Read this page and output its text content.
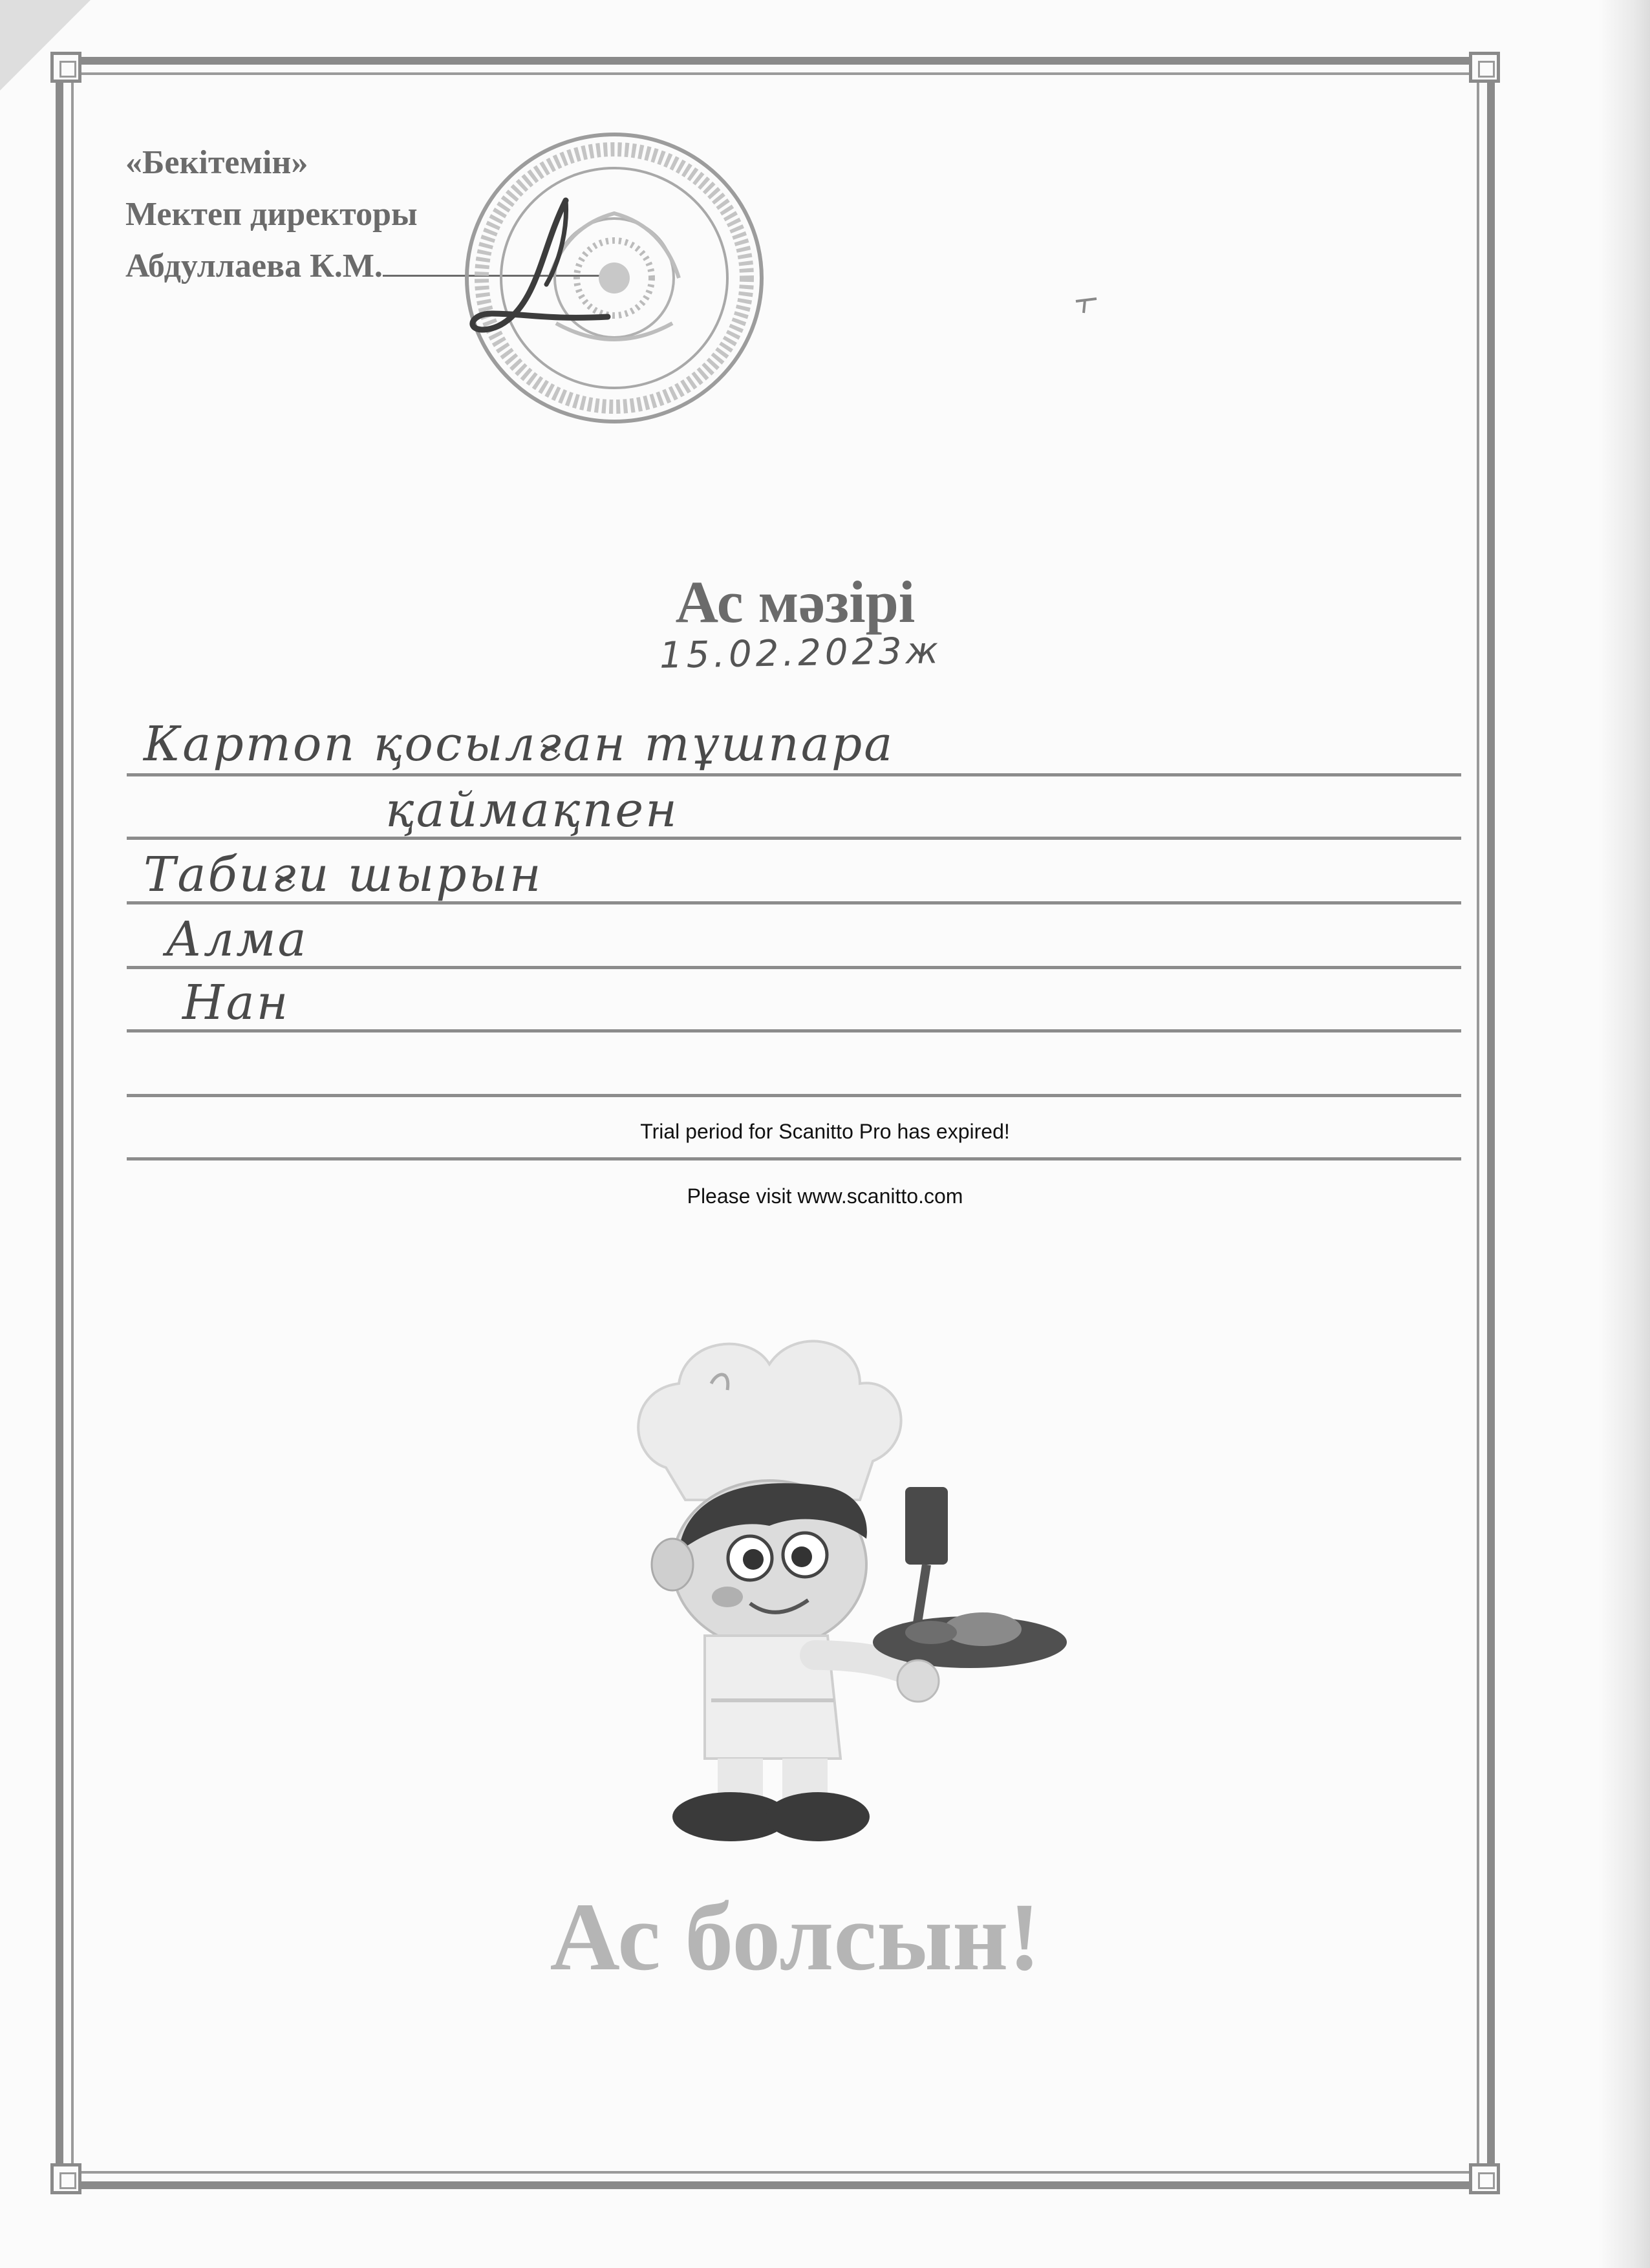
«Бекітемін»
Мектеп директоры
Абдуллаева К.М.
Ас мәзірі
15.02.2023ж
Картоп қосылған тұшпара
қаймақпен
Табиғи шырын
Алма
Нан
Trial period for Scanitto Pro has expired!
Please visit www.scanitto.com
Ас болсын!
